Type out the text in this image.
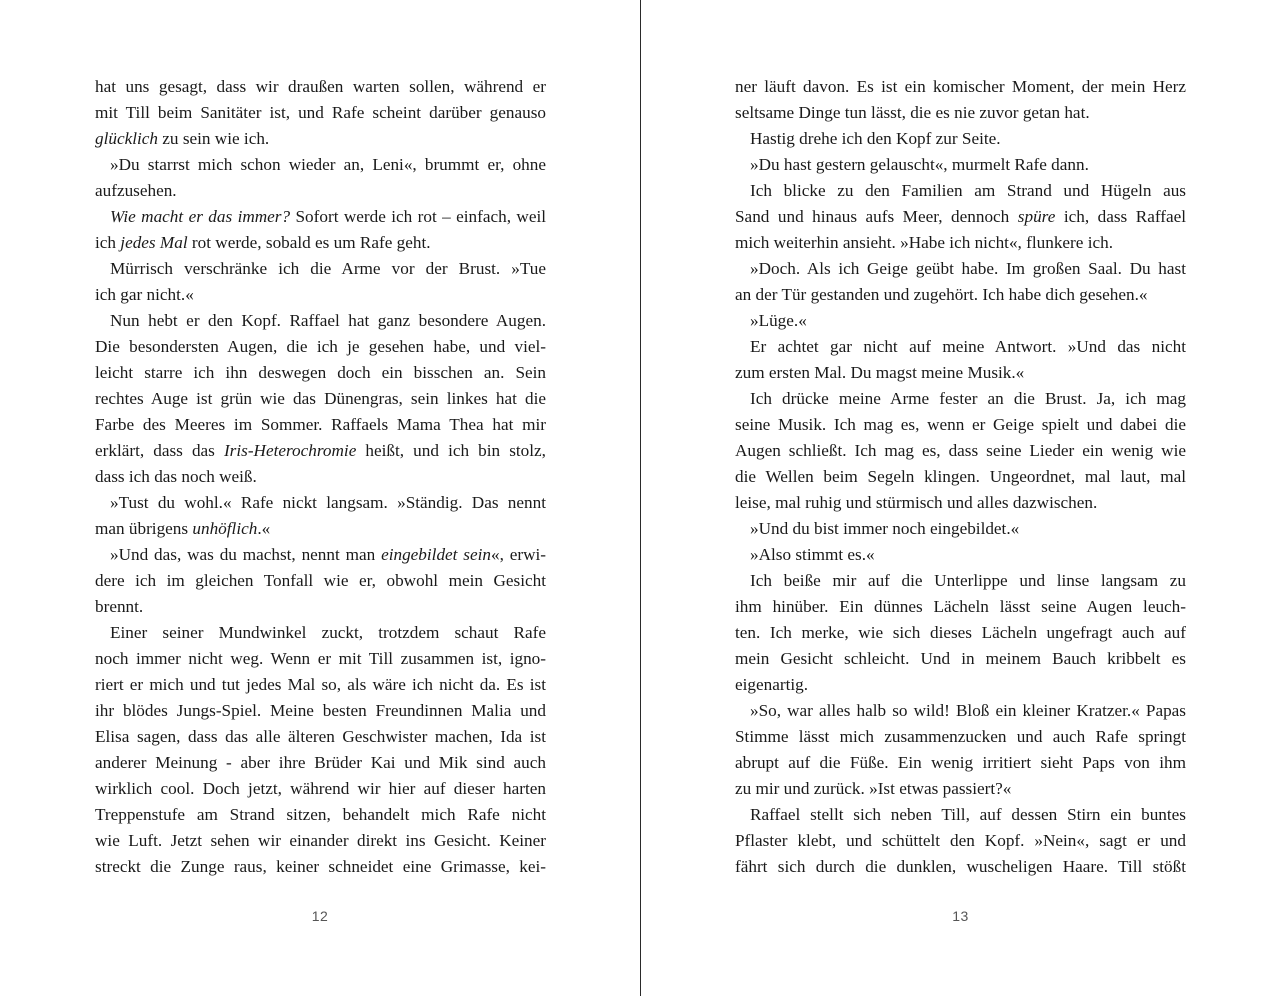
hat uns gesagt, dass wir draußen warten sollen, während er
mit Till beim Sanitäter ist, und Rafe scheint darüber genauso
glücklich zu sein wie ich.
»Du starrst mich schon wieder an, Leni«, brummt er, ohne
aufzusehen.
Wie macht er das immer? Sofort werde ich rot – einfach, weil
ich jedes Mal rot werde, sobald es um Rafe geht.
Mürrisch verschränke ich die Arme vor der Brust. »Tue
ich gar nicht.«
Nun hebt er den Kopf. Raffael hat ganz besondere Augen.
Die besondersten Augen, die ich je gesehen habe, und viel-
leicht starre ich ihn deswegen doch ein bisschen an. Sein
rechtes Auge ist grün wie das Dünengras, sein linkes hat die
Farbe des Meeres im Sommer. Raffaels Mama Thea hat mir
erklärt, dass das Iris-Heterochromie heißt, und ich bin stolz,
dass ich das noch weiß.
»Tust du wohl.« Rafe nickt langsam. »Ständig. Das nennt
man übrigens unhöflich.«
»Und das, was du machst, nennt man eingebildet sein«, erwi-
dere ich im gleichen Tonfall wie er, obwohl mein Gesicht
brennt.
Einer seiner Mundwinkel zuckt, trotzdem schaut Rafe
noch immer nicht weg. Wenn er mit Till zusammen ist, igno-
riert er mich und tut jedes Mal so, als wäre ich nicht da. Es ist
ihr blödes Jungs-Spiel. Meine besten Freundinnen Malia und
Elisa sagen, dass das alle älteren Geschwister machen, Ida ist
anderer Meinung - aber ihre Brüder Kai und Mik sind auch
wirklich cool. Doch jetzt, während wir hier auf dieser harten
Treppenstufe am Strand sitzen, behandelt mich Rafe nicht
wie Luft. Jetzt sehen wir einander direkt ins Gesicht. Keiner
streckt die Zunge raus, keiner schneidet eine Grimasse, kei-
12
ner läuft davon. Es ist ein komischer Moment, der mein Herz
seltsame Dinge tun lässt, die es nie zuvor getan hat.
Hastig drehe ich den Kopf zur Seite.
»Du hast gestern gelauscht«, murmelt Rafe dann.
Ich blicke zu den Familien am Strand und Hügeln aus
Sand und hinaus aufs Meer, dennoch spüre ich, dass Raffael
mich weiterhin ansieht. »Habe ich nicht«, flunkere ich.
»Doch. Als ich Geige geübt habe. Im großen Saal. Du hast
an der Tür gestanden und zugehört. Ich habe dich gesehen.«
»Lüge.«
Er achtet gar nicht auf meine Antwort. »Und das nicht
zum ersten Mal. Du magst meine Musik.«
Ich drücke meine Arme fester an die Brust. Ja, ich mag
seine Musik. Ich mag es, wenn er Geige spielt und dabei die
Augen schließt. Ich mag es, dass seine Lieder ein wenig wie
die Wellen beim Segeln klingen. Ungeordnet, mal laut, mal
leise, mal ruhig und stürmisch und alles dazwischen.
»Und du bist immer noch eingebildet.«
»Also stimmt es.«
Ich beiße mir auf die Unterlippe und linse langsam zu
ihm hinüber. Ein dünnes Lächeln lässt seine Augen leuch-
ten. Ich merke, wie sich dieses Lächeln ungefragt auch auf
mein Gesicht schleicht. Und in meinem Bauch kribbelt es
eigenartig.
»So, war alles halb so wild! Bloß ein kleiner Kratzer.« Papas
Stimme lässt mich zusammenzucken und auch Rafe springt
abrupt auf die Füße. Ein wenig irritiert sieht Paps von ihm
zu mir und zurück. »Ist etwas passiert?«
Raffael stellt sich neben Till, auf dessen Stirn ein buntes
Pflaster klebt, und schüttelt den Kopf. »Nein«, sagt er und
fährt sich durch die dunklen, wuscheligen Haare. Till stößt
13
